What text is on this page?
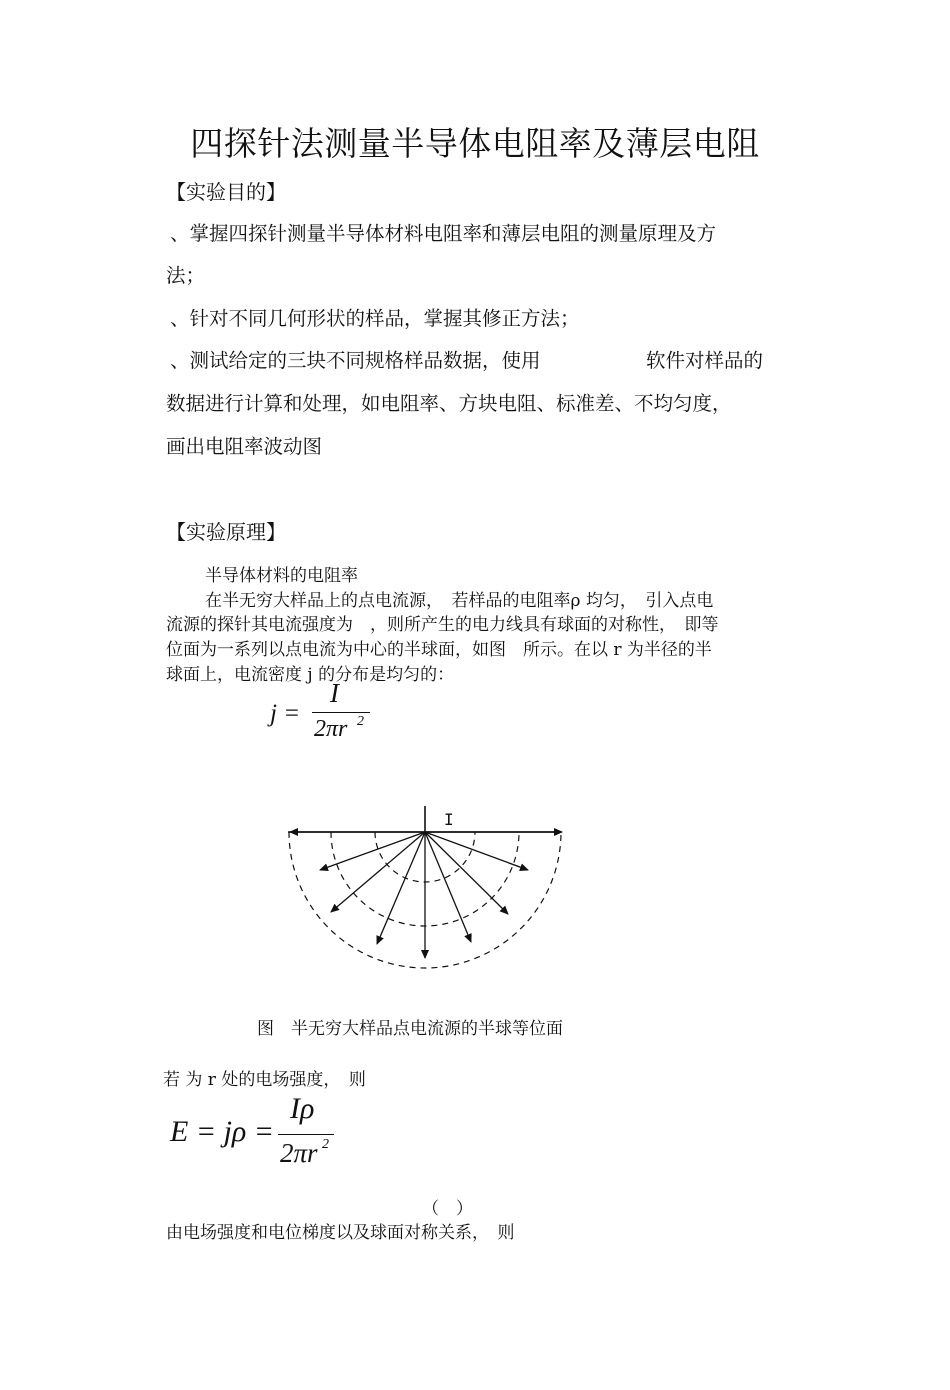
四探针法测量半导体电阻率及薄层电阻
【实验目的】
、掌握四探针测量半导体材料电阻率和薄层电阻的测量原理及方
法；
、针对不同几何形状的样品，掌握其修正方法；
、测试给定的三块不同规格样品数据，使用	软件对样品的
数据进行计算和处理，如电阻率、方块电阻、标准差、不均匀度，
画出电阻率波动图
【实验原理】
半导体材料的电阻率
在半无穷大样品上的点电流源，　若样品的电阻率ρ 均匀，　引入点电
流源的探针其电流强度为　，则所产生的电力线具有球面的对称性，　即等
位面为一系列以点电流为中心的半球面，如图　所示。在以 r 为半径的半
球面上，电流密度 j 的分布是均匀的：
j =
I
2πr 2
I
图　半无穷大样品点电流源的半球等位面
若 为 r 处的电场强度，　则
E = jρ =
Iρ
2πr 2
（　）
由电场强度和电位梯度以及球面对称关系，　则
